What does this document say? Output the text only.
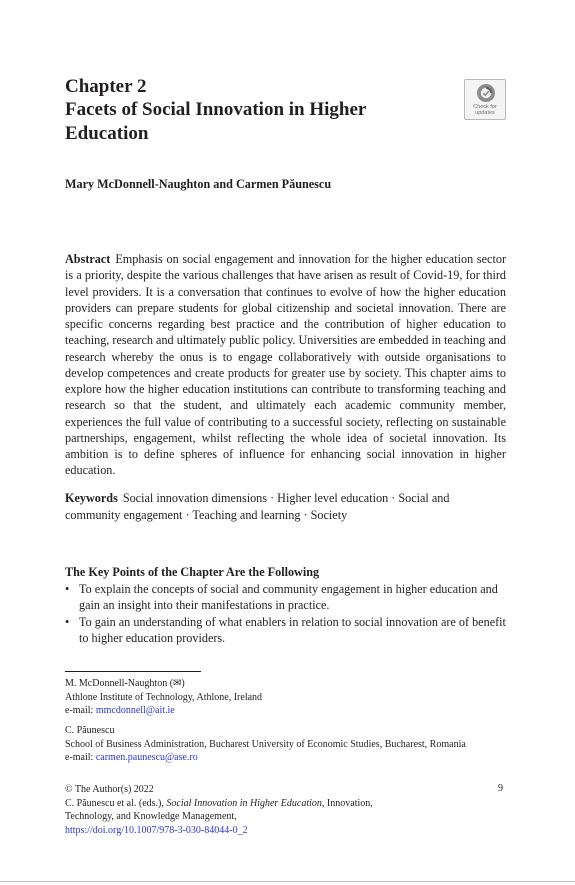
Chapter 2
Facets of Social Innovation in Higher Education
Check for
updates
Mary McDonnell-Naughton and Carmen Păunescu
Abstract Emphasis on social engagement and innovation for the higher education sector is a priority, despite the various challenges that have arisen as result of Covid-19, for third level providers. It is a conversation that continues to evolve of how the higher education providers can prepare students for global citizenship and societal innovation. There are specific concerns regarding best practice and the contribution of higher education to teaching, research and ultimately public policy. Universities are embedded in teaching and research whereby the onus is to engage collaboratively with outside organisations to develop competences and create products for greater use by society. This chapter aims to explore how the higher education institutions can contribute to transforming teaching and research so that the student, and ultimately each academic community member, experiences the full value of contributing to a successful society, reflecting on sustainable partnerships, engagement, whilst reflecting the whole idea of societal innovation. Its ambition is to define spheres of influence for enhancing social innovation in higher education.
Keywords Social innovation dimensions · Higher level education · Social and community engagement · Teaching and learning · Society
The Key Points of the Chapter Are the Following
• To explain the concepts of social and community engagement in higher education and gain an insight into their manifestations in practice.
• To gain an understanding of what enablers in relation to social innovation are of benefit to higher education providers.
M. McDonnell-Naughton (✉)
Athlone Institute of Technology, Athlone, Ireland
e-mail: mmcdonnell@ait.ie
C. Păunescu
School of Business Administration, Bucharest University of Economic Studies, Bucharest, Romania
e-mail: carmen.paunescu@ase.ro
© The Author(s) 2022
C. Păunescu et al. (eds.), Social Innovation in Higher Education, Innovation,
Technology, and Knowledge Management,
https://doi.org/10.1007/978-3-030-84044-0_2
9
